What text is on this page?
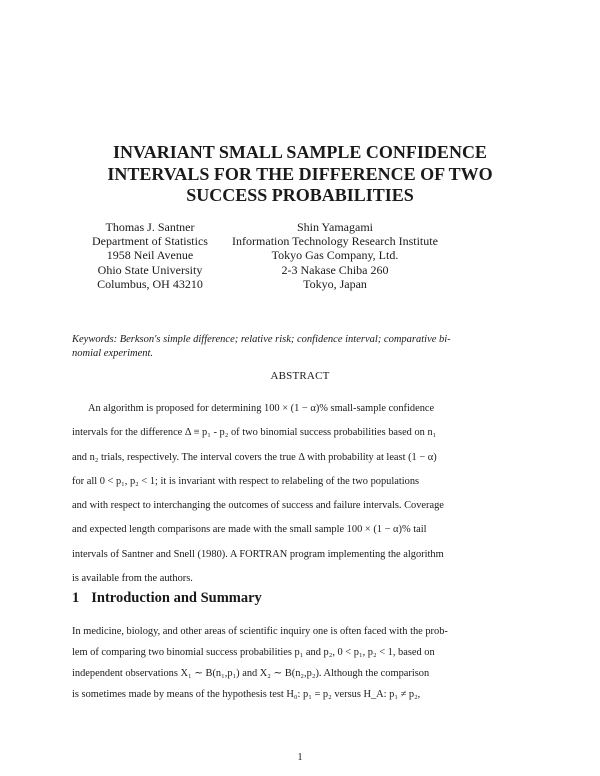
INVARIANT SMALL SAMPLE CONFIDENCE
INTERVALS FOR THE DIFFERENCE OF TWO
SUCCESS PROBABILITIES
Thomas J. Santner
Department of Statistics
1958 Neil Avenue
Ohio State University
Columbus, OH 43210
Shin Yamagami
Information Technology Research Institute
Tokyo Gas Company, Ltd.
2-3 Nakase Chiba 260
Tokyo, Japan
Keywords: Berkson's simple difference; relative risk; confidence interval; comparative bi-
nomial experiment.
ABSTRACT
An algorithm is proposed for determining 100 × (1 − α)% small-sample confidence
intervals for the difference Δ ≡ p₁ - p₂ of two binomial success probabilities based on n₁
and n₂ trials, respectively. The interval covers the true Δ with probability at least (1 − α)
for all 0 < p₁, p₂ < 1; it is invariant with respect to relabeling of the two populations
and with respect to interchanging the outcomes of success and failure intervals. Coverage
and expected length comparisons are made with the small sample 100 × (1 − α)% tail
intervals of Santner and Snell (1980). A FORTRAN program implementing the algorithm
is available from the authors.
1 Introduction and Summary
In medicine, biology, and other areas of scientific inquiry one is often faced with the prob-
lem of comparing two binomial success probabilities p₁ and p₂, 0 < p₁, p₂ < 1, based on
independent observations X₁ ∼ B(n₁,p₁) and X₂ ∼ B(n₂,p₂). Although the comparison
is sometimes made by means of the hypothesis test H₀: p₁ = p₂ versus H_A: p₁ ≠ p₂,
1
